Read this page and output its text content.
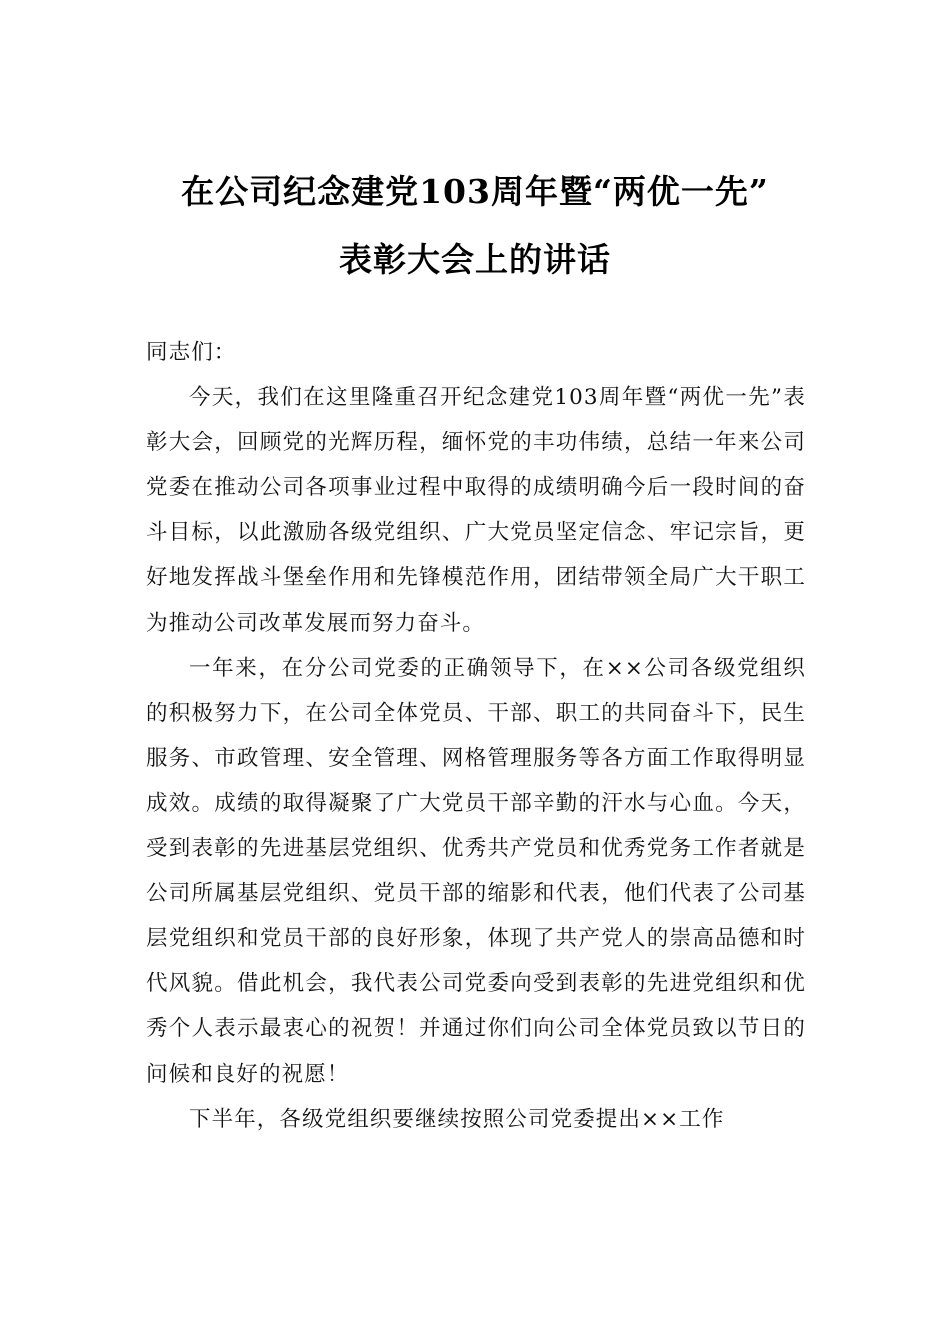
在公司纪念建党103周年暨“两优一先”
表彰大会上的讲话

同志们：

今天，我们在这里隆重召开纪念建党103周年暨“两优一先”表彰大会，回顾党的光辉历程，缅怀党的丰功伟绩，总结一年来公司党委在推动公司各项事业过程中取得的成绩明确今后一段时间的奋斗目标，以此激励各级党组织、广大党员坚定信念、牢记宗旨，更好地发挥战斗堡垒作用和先锋模范作用，团结带领全局广大干职工为推动公司改革发展而努力奋斗。

一年来，在分公司党委的正确领导下，在××公司各级党组织的积极努力下，在公司全体党员、干部、职工的共同奋斗下，民生服务、市政管理、安全管理、网格管理服务等各方面工作取得明显成效。成绩的取得凝聚了广大党员干部辛勤的汗水与心血。今天，受到表彰的先进基层党组织、优秀共产党员和优秀党务工作者就是公司所属基层党组织、党员干部的缩影和代表，他们代表了公司基层党组织和党员干部的良好形象，体现了共产党人的崇高品德和时代风貌。借此机会，我代表公司党委向受到表彰的先进党组织和优秀个人表示最衷心的祝贺！并通过你们向公司全体党员致以节日的问候和良好的祝愿！

下半年，各级党组织要继续按照公司党委提出××工作
